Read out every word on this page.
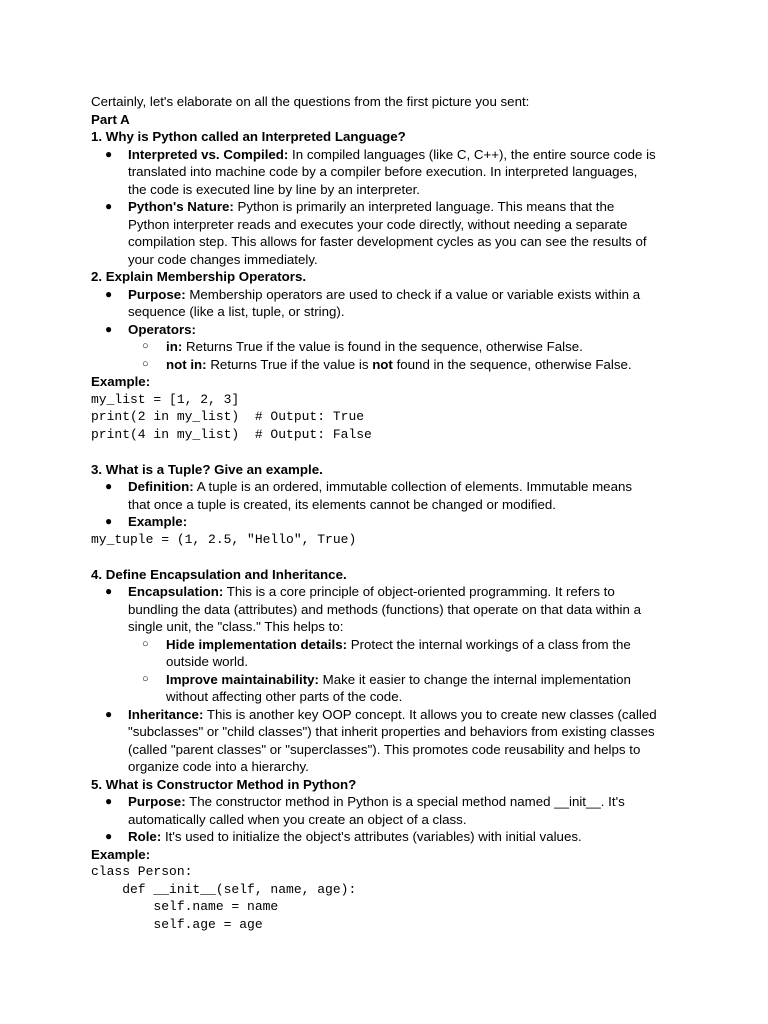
Certainly, let's elaborate on all the questions from the first picture you sent:
Part A
1. Why is Python called an Interpreted Language?
● Interpreted vs. Compiled: In compiled languages (like C, C++), the entire source code is
translated into machine code by a compiler before execution. In interpreted languages,
the code is executed line by line by an interpreter.
● Python's Nature: Python is primarily an interpreted language. This means that the
Python interpreter reads and executes your code directly, without needing a separate
compilation step. This allows for faster development cycles as you can see the results of
your code changes immediately.
2. Explain Membership Operators.
● Purpose: Membership operators are used to check if a value or variable exists within a
sequence (like a list, tuple, or string).
● Operators:
○ in: Returns True if the value is found in the sequence, otherwise False.
○ not in: Returns True if the value is not found in the sequence, otherwise False.
Example:
my_list = [1, 2, 3]
print(2 in my_list)  # Output: True
print(4 in my_list)  # Output: False
3. What is a Tuple? Give an example.
● Definition: A tuple is an ordered, immutable collection of elements. Immutable means
that once a tuple is created, its elements cannot be changed or modified.
● Example:
my_tuple = (1, 2.5, "Hello", True)
4. Define Encapsulation and Inheritance.
● Encapsulation: This is a core principle of object-oriented programming. It refers to
bundling the data (attributes) and methods (functions) that operate on that data within a
single unit, the "class." This helps to:
○ Hide implementation details: Protect the internal workings of a class from the
outside world.
○ Improve maintainability: Make it easier to change the internal implementation
without affecting other parts of the code.
● Inheritance: This is another key OOP concept. It allows you to create new classes (called
"subclasses" or "child classes") that inherit properties and behaviors from existing classes
(called "parent classes" or "superclasses"). This promotes code reusability and helps to
organize code into a hierarchy.
5. What is Constructor Method in Python?
● Purpose: The constructor method in Python is a special method named __init__. It's
automatically called when you create an object of a class.
● Role: It's used to initialize the object's attributes (variables) with initial values.
Example:
class Person:
def __init__(self, name, age):
self.name = name
self.age = age
